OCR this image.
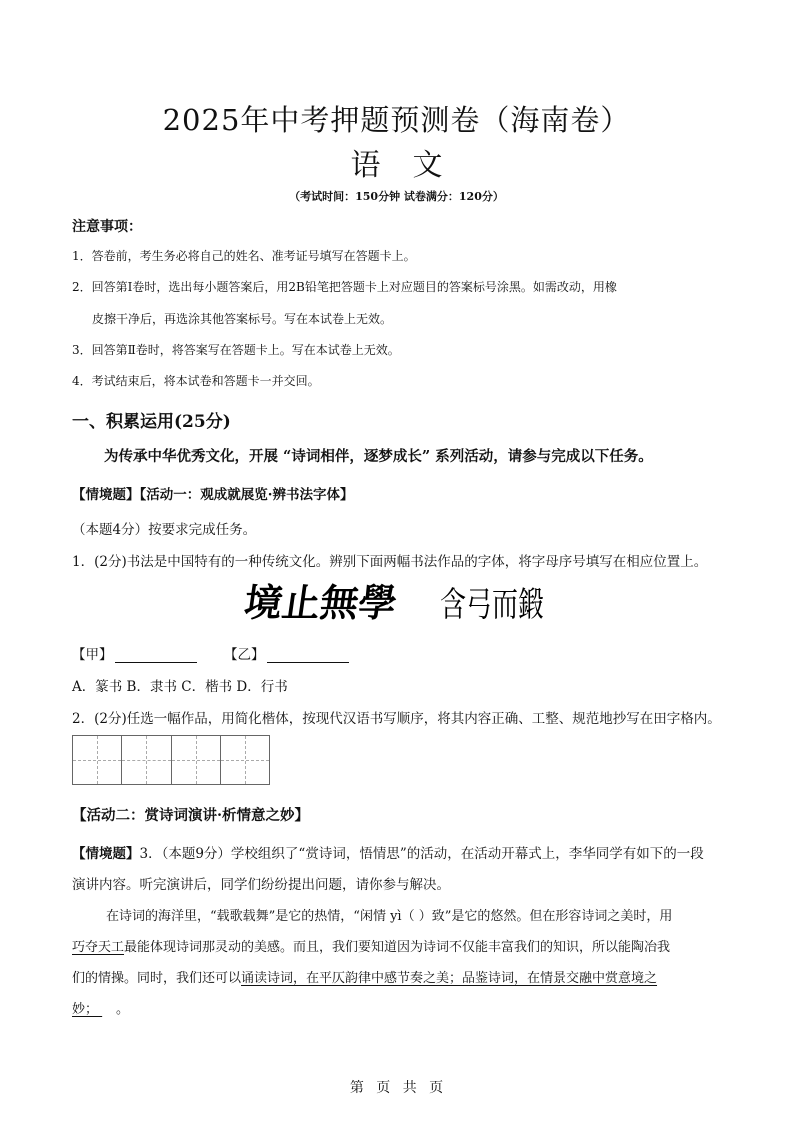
2025年中考押题预测卷（海南卷）
语文
（考试时间：150分钟 试卷满分：120分）
注意事项：
1．答卷前，考生务必将自己的姓名、准考证号填写在答题卡上。
2．回答第Ⅰ卷时，选出每小题答案后，用2B铅笔把答题卡上对应题目的答案标号涂黑。如需改动，用橡
皮擦干净后，再选涂其他答案标号。写在本试卷上无效。
3．回答第Ⅱ卷时，将答案写在答题卡上。写在本试卷上无效。
4．考试结束后，将本试卷和答题卡一并交回。
一、积累运用(25分)
为传承中华优秀文化，开展 “诗词相伴，逐梦成长” 系列活动，请参与完成以下任务。
【情境题】【活动一：观成就展览·辨书法字体】
（本题4分）按要求完成任务。
1．(2分)书法是中国特有的一种传统文化。辨别下面两幅书法作品的字体，将字母序号填写在相应位置上。
境止無學 含弓而鍛
【甲】	【乙】
A．篆书 B．隶书 C．楷书 D．行书
2．(2分)任选一幅作品，用简化楷体，按现代汉语书写顺序，将其内容正确、工整、规范地抄写在田字格内。
【活动二：赏诗词演讲·析情意之妙】
【情境题】3．（本题9分）学校组织了“赏诗词，悟情思”的活动，在活动开幕式上，李华同学有如下的一段
演讲内容。听完演讲后，同学们纷纷提出问题，请你参与解决。
在诗词的海洋里，“载歌载舞”是它的热情，“闲情 yì（ ）致”是它的悠然。但在形容诗词之美时，用
巧夺天工最能体现诗词那灵动的美感。而且，我们要知道因为诗词不仅能丰富我们的知识，所以能陶冶我
们的情操。同时，我们还可以诵读诗词，在平仄韵律中感节奏之美；品鉴诗词，在情景交融中赏意境之
妙； 。
第 页 共 页
